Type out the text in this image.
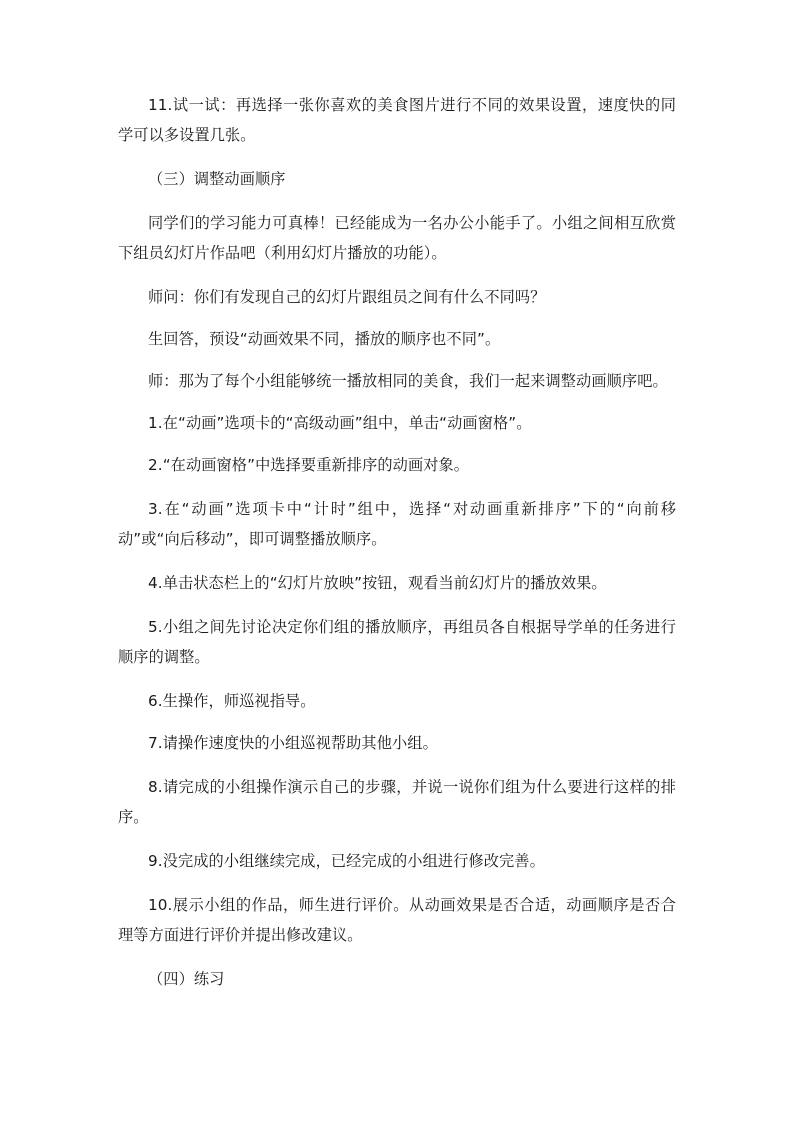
11.试一试：再选择一张你喜欢的美食图片进行不同的效果设置，速度快的同学可以多设置几张。

（三）调整动画顺序

同学们的学习能力可真棒！已经能成为一名办公小能手了。小组之间相互欣赏下组员幻灯片作品吧（利用幻灯片播放的功能）。

师问：你们有发现自己的幻灯片跟组员之间有什么不同吗？

生回答，预设“动画效果不同，播放的顺序也不同”。

师：那为了每个小组能够统一播放相同的美食，我们一起来调整动画顺序吧。

1.在“动画”选项卡的“高级动画”组中，单击“动画窗格”。

2.“在动画窗格”中选择要重新排序的动画对象。

3.在“动画”选项卡中“计时”组中，选择“对动画重新排序”下的“向前移动”或“向后移动”，即可调整播放顺序。

4.单击状态栏上的“幻灯片放映”按钮，观看当前幻灯片的播放效果。

5.小组之间先讨论决定你们组的播放顺序，再组员各自根据导学单的任务进行顺序的调整。

6.生操作，师巡视指导。

7.请操作速度快的小组巡视帮助其他小组。

8.请完成的小组操作演示自己的步骤，并说一说你们组为什么要进行这样的排序。

9.没完成的小组继续完成，已经完成的小组进行修改完善。

10.展示小组的作品，师生进行评价。从动画效果是否合适，动画顺序是否合理等方面进行评价并提出修改建议。

（四）练习
